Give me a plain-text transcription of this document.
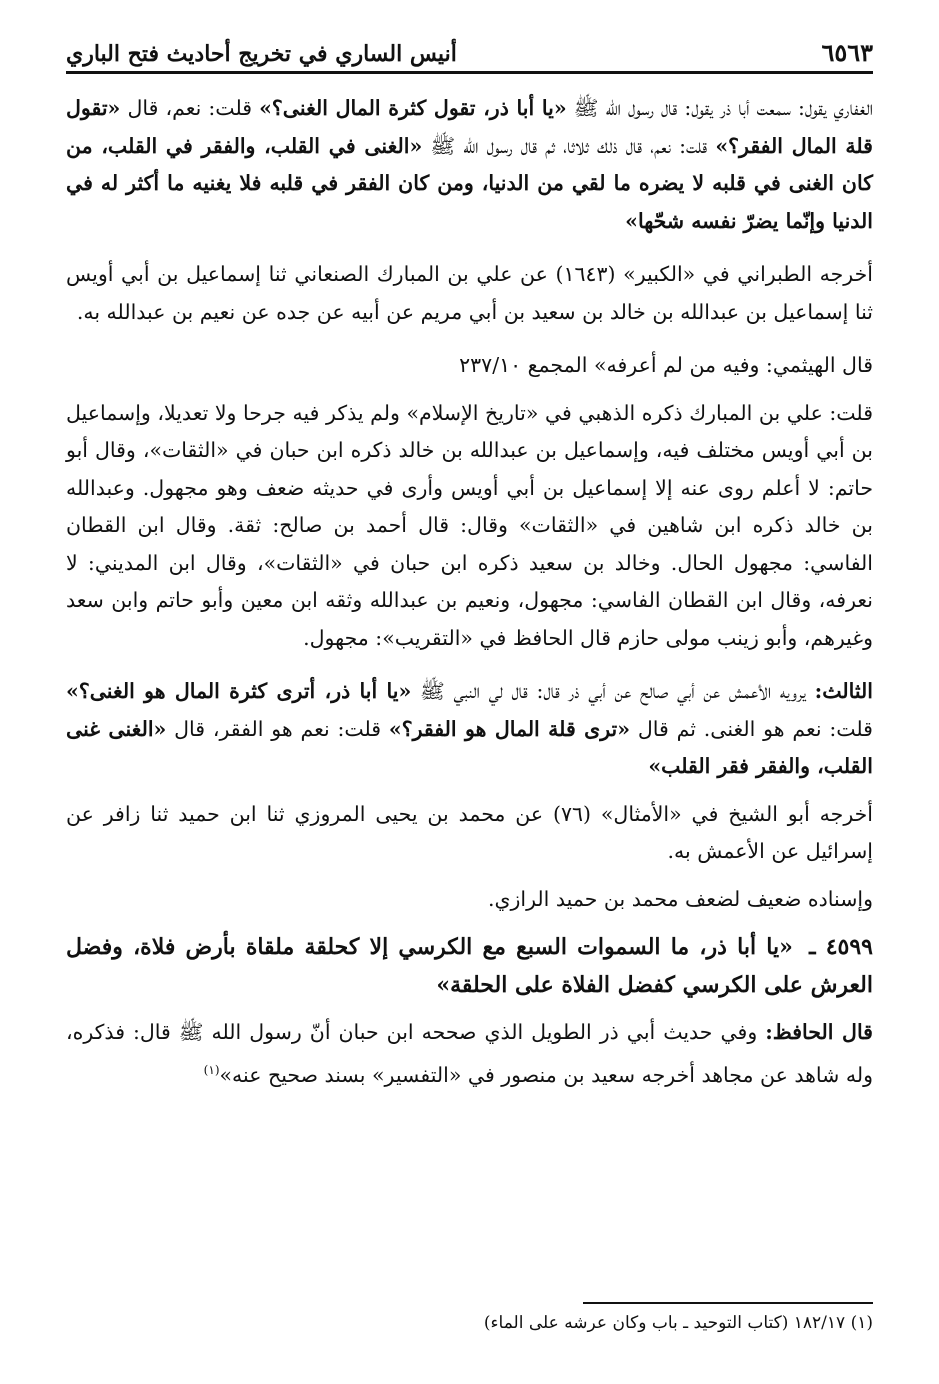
أنيس الساري في تخريج أحاديث فتح الباري	٦٥٦٣

الغفاري يقول: سمعت أبا ذر يقول: قال رسول الله ﷺ «يا أبا ذر، تقول كثرة المال الغنى؟» قلت: نعم، قال «تقول قلة المال الفقر؟» قلت: نعم، قال ذلك ثلاثا، ثم قال رسول الله ﷺ «الغنى في القلب، والفقر في القلب، من كان الغنى في قلبه لا يضره ما لقي من الدنيا، ومن كان الفقر في قلبه فلا يغنيه ما أكثر له في الدنيا وإنّما يضرّ نفسه شحّها»

أخرجه الطبراني في «الكبير» (١٦٤٣) عن علي بن المبارك الصنعاني ثنا إسماعيل بن أبي أويس ثنا إسماعيل بن عبدالله بن خالد بن سعيد بن أبي مريم عن أبيه عن جده عن نعيم بن عبدالله به.

قال الهيثمي: وفيه من لم أعرفه» المجمع ٢٣٧/١٠

قلت: علي بن المبارك ذكره الذهبي في «تاريخ الإسلام» ولم يذكر فيه جرحا ولا تعديلا، وإسماعيل بن أبي أويس مختلف فيه، وإسماعيل بن عبدالله بن خالد ذكره ابن حبان في «الثقات»، وقال أبو حاتم: لا أعلم روى عنه إلا إسماعيل بن أبي أويس وأرى في حديثه ضعف وهو مجهول. وعبدالله بن خالد ذكره ابن شاهين في «الثقات» وقال: قال أحمد بن صالح: ثقة. وقال ابن القطان الفاسي: مجهول الحال. وخالد بن سعيد ذكره ابن حبان في «الثقات»، وقال ابن المديني: لا نعرفه، وقال ابن القطان الفاسي: مجهول، ونعيم بن عبدالله وثقه ابن معين وأبو حاتم وابن سعد وغيرهم، وأبو زينب مولى حازم قال الحافظ في «التقريب»: مجهول.

الثالث: يرويه الأعمش عن أبي صالح عن أبي ذر قال: قال لي النبي ﷺ «يا أبا ذر، أترى كثرة المال هو الغنى؟» قلت: نعم هو الغنى. ثم قال «ترى قلة المال هو الفقر؟» قلت: نعم هو الفقر، قال «الغنى غنى القلب، والفقر فقر القلب»

أخرجه أبو الشيخ في «الأمثال» (٧٦) عن محمد بن يحيى المروزي ثنا ابن حميد ثنا زافر عن إسرائيل عن الأعمش به.

وإسناده ضعيف لضعف محمد بن حميد الرازي.

٤٥٩٩ ـ «يا أبا ذر، ما السموات السبع مع الكرسي إلا كحلقة ملقاة بأرض فلاة، وفضل العرش على الكرسي كفضل الفلاة على الحلقة»

قال الحافظ: وفي حديث أبي ذر الطويل الذي صححه ابن حبان أنّ رسول الله ﷺ قال: فذكره، وله شاهد عن مجاهد أخرجه سعيد بن منصور في «التفسير» بسند صحيح عنه»$^{(١)}$

(١) ١٨٢/١٧ (كتاب التوحيد ـ باب وكان عرشه على الماء)
